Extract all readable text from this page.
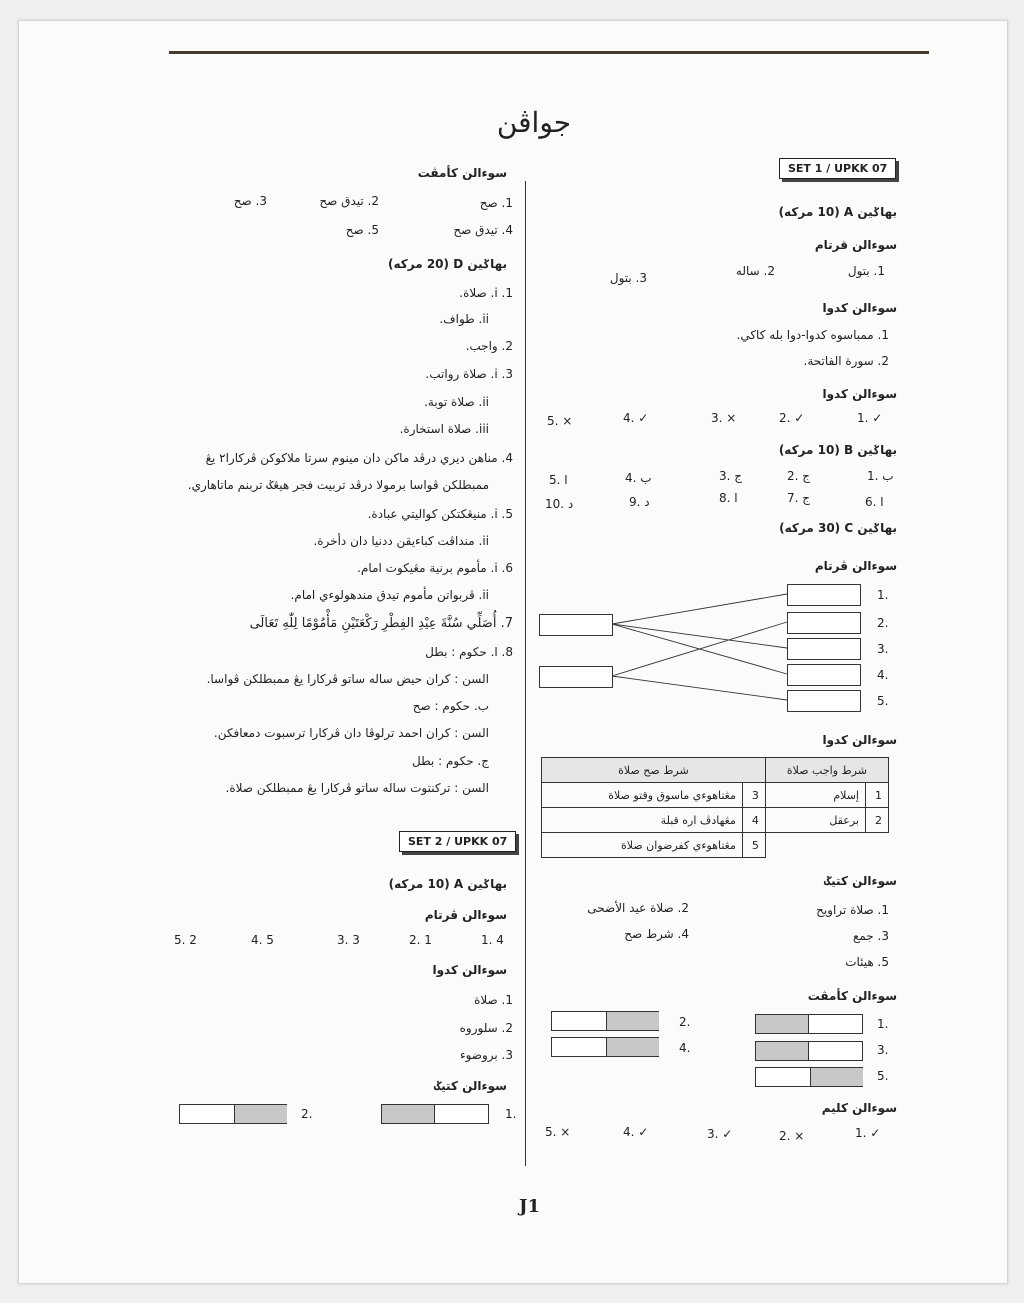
جواڤن
SET 1 / UPKK 07
بهاݢين A (10 مركه)
سوءالن قرتام
1. بتول
2. ساله
3. بتول
سوءالن كدوا
1. ممباسوه كدوا-دوا بله كاكي.
2. سورة الفاتحة.
سوءالن كدوا
1. ✓
2. ✓
3. ×
4. ✓
5. ×
بهاݢين B (10 مركه)
1. ب
2. ج
3. ج
4. ب
5. ا
6. ا
7. ج
8. ا
9. د
10. د
بهاݢين C (30 مركه)
سوءالن ڤرتام
1.
2.
3.
4.
5.
سوءالن كدوا
شرط واجب صلاة		شرط صح صلاة	
1	إسلام	3	مڠتاهوءي ماسوق وقتو صلاة
2	برعقل	4	مڠهادڤ اره قبلة
		5	مڠتاهوءي كفرضوان صلاة
سوءالن كتيݢ
1. صلاة تراويح
2. صلاة عيد الأضحى
3. جمع
4. شرط صح
5. هيئات
سوءالن كأمڤت
1.
2.
3.
4.
5.
سوءالن كليم
1. ✓
2. ×
3. ✓
4. ✓
5. ×
سوءالن كأمڤت
1. صح
2. تيدق صح
3. صح
4. تيدق صح
5. صح
بهاݢين D (20 مركه)
1. i. صلاة.
ii. طواف.
2. واجب.
3. i. صلاة رواتب.
ii. صلاة توبة.
iii. صلاة استخارة.
4. مناهن ديري درڤد ماكن دان مينوم سرتا ملاكوكن ڤركارا٢ يڠ
ممبطلكن ڤواسا برمولا درڤد تربيت فجر هيڠݢ تربنم ماتاهاري.
5. i. منيڠكتكن كواليتي عبادة.
ii. منداڤت كباءيقن ددنيا دان دأخرة.
6. i. مأموم برنية مڠيكوت امام.
ii. ڤربواتن مأموم تيدق مندهولوءي امام.
7. أُصَلِّي سُنَّةَ عِيْدِ الفِطْرِ رَكْعَتَيْنِ مَأْمُوْمًا لِلّٰهِ تَعَالَى
8. ا. حكوم : بطل
السن : كران حيض ساله ساتو ڤركارا يڠ ممبطلكن ڤواسا.
ب. حكوم : صح
السن : كران احمد ترلوڤا دان ڤركارا ترسبوت دمعافكن.
ج. حكوم : بطل
السن : تركنتوت ساله ساتو ڤركارا يڠ ممبطلكن صلاة.
SET 2 / UPKK 07
بهاݢين A (10 مركه)
سوءالن ڤرتام
1. 4
2. 1
3. 3
4. 5
5. 2
سوءالن كدوا
1. صلاة
2. سلوروه
3. بروضوء
سوءالن كتيݢ
1.
2.
J1
